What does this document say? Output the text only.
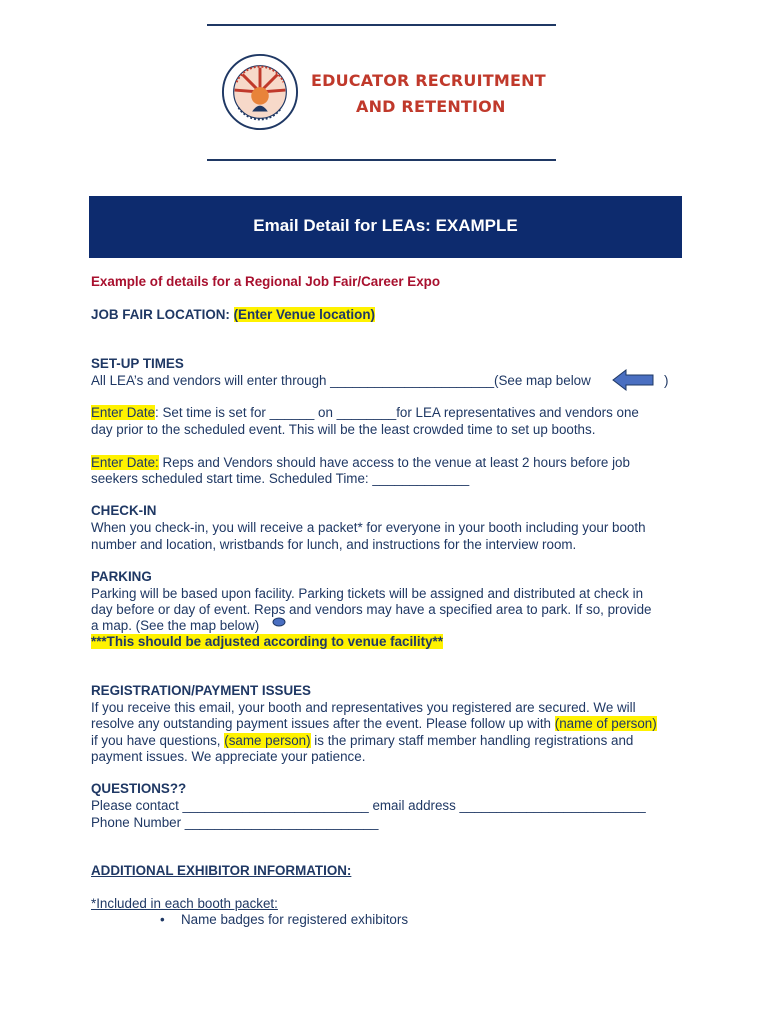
EDUCATOR RECRUITMENT
AND RETENTION
Email Detail for LEAs: EXAMPLE
Example of details for a Regional Job Fair/Career Expo
JOB FAIR LOCATION: (Enter Venue location)
SET-UP TIMES
All LEA’s and vendors will enter through ______________________(See map below	)
Enter Date: Set time is set for ______ on ________for LEA representatives and vendors one
day prior to the scheduled event. This will be the least crowded time to set up booths.
Enter Date: Reps and Vendors should have access to the venue at least 2 hours before job
seekers scheduled start time. Scheduled Time: _____________
CHECK-IN
When you check-in, you will receive a packet* for everyone in your booth including your booth
number and location, wristbands for lunch, and instructions for the interview room.
PARKING
Parking will be based upon facility. Parking tickets will be assigned and distributed at check in
day before or day of event. Reps and vendors may have a specified area to park. If so, provide
a map. (See the map below)
***This should be adjusted according to venue facility**
REGISTRATION/PAYMENT ISSUES
If you receive this email, your booth and representatives you registered are secured. We will
resolve any outstanding payment issues after the event. Please follow up with (name of person)
if you have questions, (same person) is the primary staff member handling registrations and
payment issues. We appreciate your patience.
QUESTIONS??
Please contact _________________________ email address _________________________
Phone Number __________________________
ADDITIONAL EXHIBITOR INFORMATION:
*Included in each booth packet:
• Name badges for registered exhibitors
